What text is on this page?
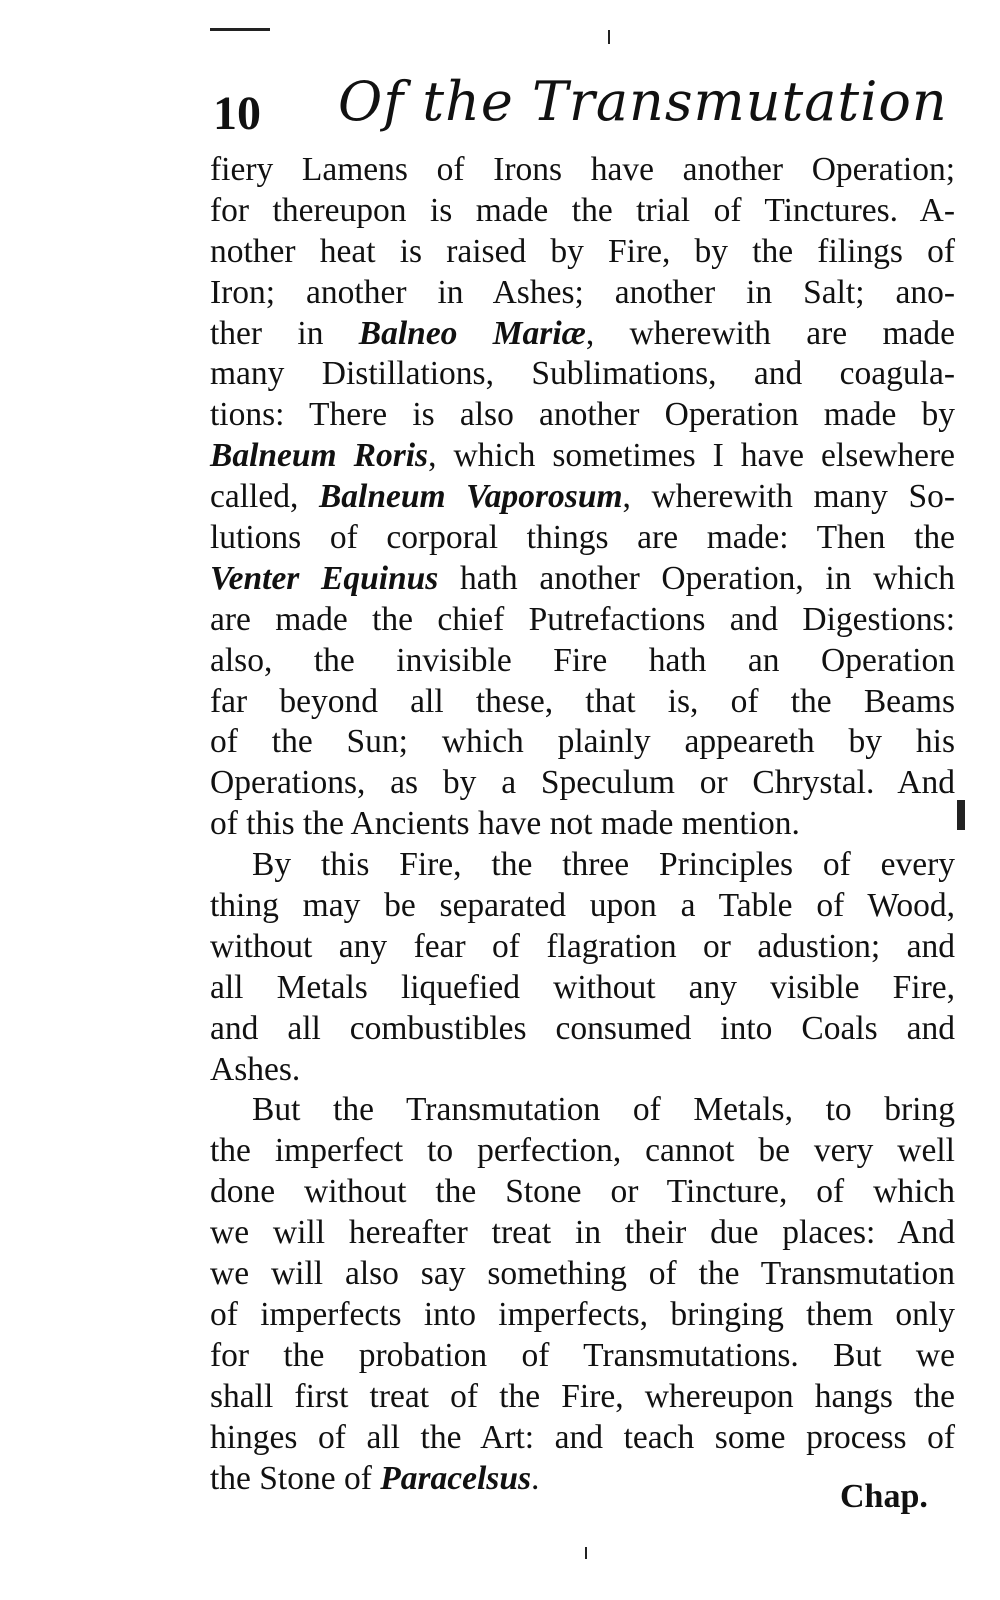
10 Of the Transmutation
fiery Lamens of Irons have another Operation;
for thereupon is made the trial of Tinctures. A-
nother heat is raised by Fire, by the filings of
Iron; another in Ashes; another in Salt; ano-
ther in Balneo Mariæ, wherewith are made
many Distillations, Sublimations, and coagula-
tions: There is also another Operation made by
Balneum Roris, which sometimes I have elsewhere
called, Balneum Vaporosum, wherewith many So-
lutions of corporal things are made: Then the
Venter Equinus hath another Operation, in which
are made the chief Putrefactions and Digestions:
also, the invisible Fire hath an Operation
far beyond all these, that is, of the Beams
of the Sun; which plainly appeareth by his
Operations, as by a Speculum or Chrystal. And
of this the Ancients have not made mention.
By this Fire, the three Principles of every
thing may be separated upon a Table of Wood,
without any fear of flagration or adustion; and
all Metals liquefied without any visible Fire,
and all combustibles consumed into Coals and
Ashes.
But the Transmutation of Metals, to bring
the imperfect to perfection, cannot be very well
done without the Stone or Tincture, of which
we will hereafter treat in their due places: And
we will also say something of the Transmutation
of imperfects into imperfects, bringing them only
for the probation of Transmutations. But we
shall first treat of the Fire, whereupon hangs the
hinges of all the Art: and teach some process of
the Stone of Paracelsus.	Chap.
